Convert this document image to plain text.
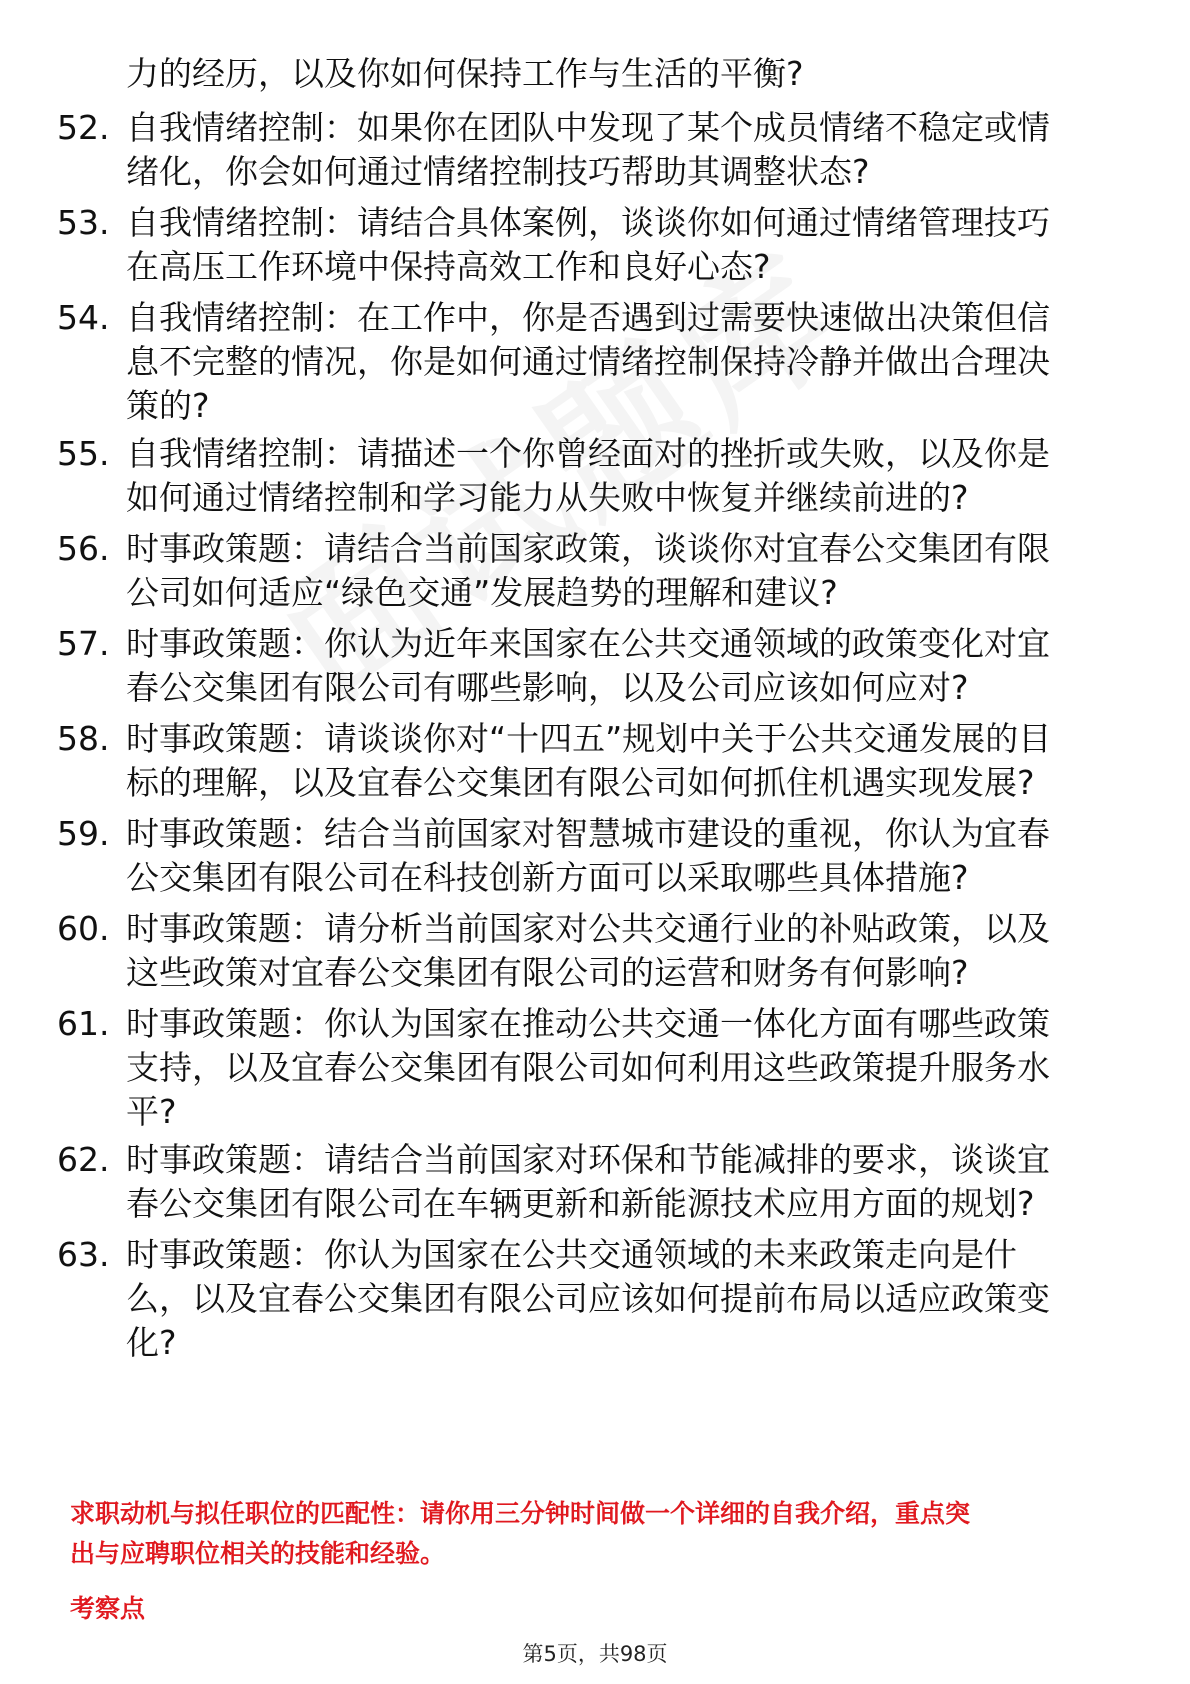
力的经历，以及你如何保持工作与生活的平衡?
52. 自我情绪控制：如果你在团队中发现了某个成员情绪不稳定或情
绪化，你会如何通过情绪控制技巧帮助其调整状态?
53. 自我情绪控制：请结合具体案例，谈谈你如何通过情绪管理技巧
在高压工作环境中保持高效工作和良好心态?
54. 自我情绪控制：在工作中，你是否遇到过需要快速做出决策但信
息不完整的情况，你是如何通过情绪控制保持冷静并做出合理决
策的?
55. 自我情绪控制：请描述一个你曾经面对的挫折或失败，以及你是
如何通过情绪控制和学习能力从失败中恢复并继续前进的?
56. 时事政策题：请结合当前国家政策，谈谈你对宜春公交集团有限
公司如何适应“绿色交通”发展趋势的理解和建议?
57. 时事政策题：你认为近年来国家在公共交通领域的政策变化对宜
春公交集团有限公司有哪些影响，以及公司应该如何应对?
58. 时事政策题：请谈谈你对“十四五”规划中关于公共交通发展的目
标的理解，以及宜春公交集团有限公司如何抓住机遇实现发展?
59. 时事政策题：结合当前国家对智慧城市建设的重视，你认为宜春
公交集团有限公司在科技创新方面可以采取哪些具体措施?
60. 时事政策题：请分析当前国家对公共交通行业的补贴政策，以及
这些政策对宜春公交集团有限公司的运营和财务有何影响?
61. 时事政策题：你认为国家在推动公共交通一体化方面有哪些政策
支持，以及宜春公交集团有限公司如何利用这些政策提升服务水
平?
62. 时事政策题：请结合当前国家对环保和节能减排的要求，谈谈宜
春公交集团有限公司在车辆更新和新能源技术应用方面的规划?
63. 时事政策题：你认为国家在公共交通领域的未来政策走向是什
么，以及宜春公交集团有限公司应该如何提前布局以适应政策变
化?
求职动机与拟任职位的匹配性：请你用三分钟时间做一个详细的自我介绍，重点突
出与应聘职位相关的技能和经验。
考察点
第5页，共98页
